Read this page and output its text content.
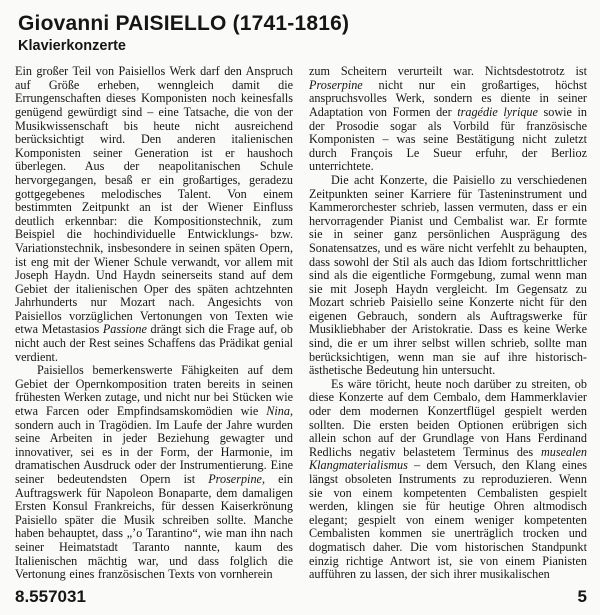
Giovanni PAISIELLO (1741-1816)
Klavierkonzerte

Ein großer Teil von Paisiellos Werk darf den Anspruch auf Größe erheben, wenngleich damit die Errungenschaften dieses Komponisten noch keinesfalls genügend gewürdigt sind – eine Tatsache, die von der Musikwissenschaft bis heute nicht ausreichend berücksichtigt wird. Den anderen italienischen Komponisten seiner Generation ist er haushoch überlegen. Aus der neapolitanischen Schule hervorgegangen, besaß er ein großartiges, geradezu gottgegebenes melodisches Talent. Von einem bestimmten Zeitpunkt an ist der Wiener Einfluss deutlich erkennbar: die Kompositionstechnik, zum Beispiel die hochindividuelle Entwicklungs- bzw. Variationstechnik, insbesondere in seinen späten Opern, ist eng mit der Wiener Schule verwandt, vor allem mit Joseph Haydn. Und Haydn seinerseits stand auf dem Gebiet der italienischen Oper des späten achtzehnten Jahrhunderts nur Mozart nach. Angesichts von Paisiellos vorzüglichen Vertonungen von Texten wie etwa Metastasios Passione drängt sich die Frage auf, ob nicht auch der Rest seines Schaffens das Prädikat genial verdient.

Paisiellos bemerkenswerte Fähigkeiten auf dem Gebiet der Opernkomposition traten bereits in seinen frühesten Werken zutage, und nicht nur bei Stücken wie etwa Farcen oder Empfindsamskomödien wie Nina, sondern auch in Tragödien. Im Laufe der Jahre wurden seine Arbeiten in jeder Beziehung gewagter und innovativer, sei es in der Form, der Harmonie, im dramatischen Ausdruck oder der Instrumentierung. Eine seiner bedeutendsten Opern ist Proserpine, ein Auftragswerk für Napoleon Bonaparte, dem damaligen Ersten Konsul Frankreichs, für dessen Kaiserkrönung Paisiello später die Musik schreiben sollte. Manche haben behauptet, dass „’o Tarantino“, wie man ihn nach seiner Heimatstadt Taranto nannte, kaum des Italienischen mächtig war, und dass folglich die Vertonung eines französischen Texts von vornherein

zum Scheitern verurteilt war. Nichtsdestotrotz ist Proserpine nicht nur ein großartiges, höchst anspruchsvolles Werk, sondern es diente in seiner Adaptation von Formen der tragédie lyrique sowie in der Prosodie sogar als Vorbild für französische Komponisten – was seine Bestätigung nicht zuletzt durch François Le Sueur erfuhr, der Berlioz unterrichtete.

Die acht Konzerte, die Paisiello zu verschiedenen Zeitpunkten seiner Karriere für Tasteninstrument und Kammerorchester schrieb, lassen vermuten, dass er ein hervorragender Pianist und Cembalist war. Er formte sie in seiner ganz persönlichen Ausprägung des Sonatensatzes, und es wäre nicht verfehlt zu behaupten, dass sowohl der Stil als auch das Idiom fortschrittlicher sind als die eigentliche Formgebung, zumal wenn man sie mit Joseph Haydn vergleicht. Im Gegensatz zu Mozart schrieb Paisiello seine Konzerte nicht für den eigenen Gebrauch, sondern als Auftragswerke für Musikliebhaber der Aristokratie. Dass es keine Werke sind, die er um ihrer selbst willen schrieb, sollte man berücksichtigen, wenn man sie auf ihre historisch-ästhetische Bedeutung hin untersucht.

Es wäre töricht, heute noch darüber zu streiten, ob diese Konzerte auf dem Cembalo, dem Hammerklavier oder dem modernen Konzertflügel gespielt werden sollten. Die ersten beiden Optionen erübrigen sich allein schon auf der Grundlage von Hans Ferdinand Redlichs negativ belastetem Terminus des musealen Klangmaterialismus – dem Versuch, den Klang eines längst obsoleten Instruments zu reproduzieren. Wenn sie von einem kompetenten Cembalisten gespielt werden, klingen sie für heutige Ohren altmodisch elegant; gespielt von einem weniger kompetenten Cembalisten kommen sie unerträglich trocken und dogmatisch daher. Die vom historischen Standpunkt einzig richtige Antwort ist, sie von einem Pianisten aufführen zu lassen, der sich ihrer musikalischen

8.557031	5
